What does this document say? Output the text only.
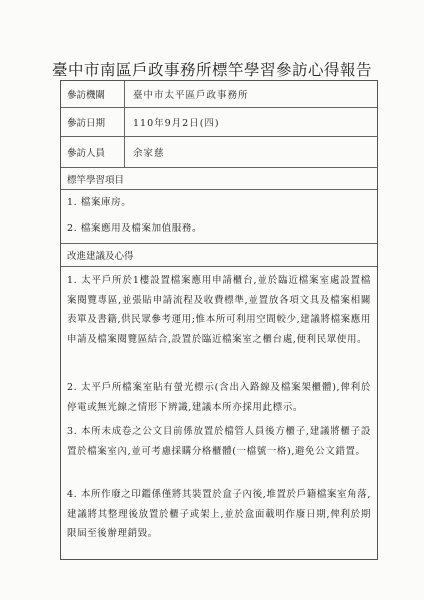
臺中市南區戶政事務所標竿學習參訪心得報告
參訪機關	臺中市太平區戶政事務所
參訪日期	110年9月2日(四)
參訪人員	余家慈
標竿學習項目
1. 檔案庫房。
2. 檔案應用及檔案加值服務。
改進建議及心得
1. 太平戶所於1樓設置檔案應用申請櫃台,並於臨近檔案室處設置檔案閱覽專區,並張貼申請流程及收費標準,並置放各項文具及檔案相關表單及書籍,供民眾參考運用;惟本所可利用空間較少,建議將檔案應用申請及檔案閱覽區結合,設置於臨近檔案室之櫃台處,便利民眾使用。
2. 太平戶所檔案室貼有螢光標示(含出入路線及檔案架櫃體),俾利於停電或無光線之情形下辨識,建議本所亦採用此標示。
3. 本所未成卷之公文目前係放置於檔管人員後方櫃子,建議將櫃子設置於檔案室內,並可考慮採購分格櫃體(一檔號一格),避免公文錯置。
4. 本所作廢之印鑑係僅將其裝置於盒子內後,堆置於戶籍檔案室角落,建議將其整理後放置於櫃子或架上,並於盒面載明作廢日期,俾利於期限屆至後辦理銷毀。
